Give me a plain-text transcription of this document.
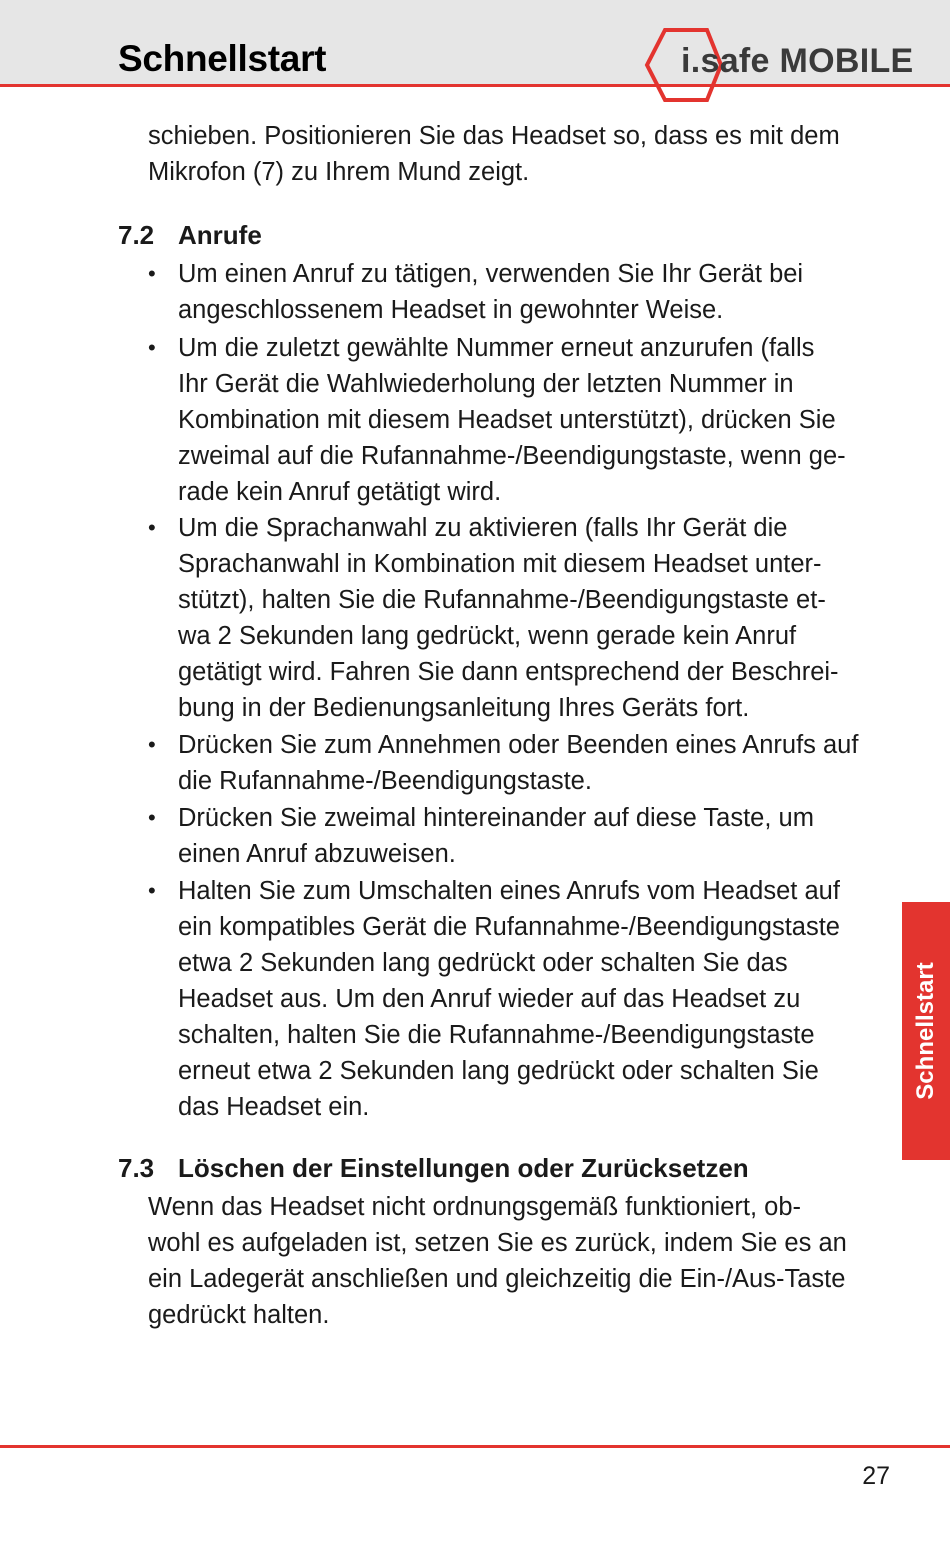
Schnellstart	i.safe MOBILE
schieben. Positionieren Sie das Headset so, dass es mit dem
Mikrofon (7) zu Ihrem Mund zeigt.
7.2 Anrufe
• Um einen Anruf zu tätigen, verwenden Sie Ihr Gerät bei
angeschlossenem Headset in gewohnter Weise.
• Um die zuletzt gewählte Nummer erneut anzurufen (falls
Ihr Gerät die Wahlwiederholung der letzten Nummer in
Kombination mit diesem Headset unterstützt), drücken Sie
zweimal auf die Rufannahme-/Beendigungstaste, wenn ge-
rade kein Anruf getätigt wird.
• Um die Sprachanwahl zu aktivieren (falls Ihr Gerät die
Sprachanwahl in Kombination mit diesem Headset unter-
stützt), halten Sie die Rufannahme-/Beendigungstaste et-
wa 2 Sekunden lang gedrückt, wenn gerade kein Anruf
getätigt wird. Fahren Sie dann entsprechend der Beschrei-
bung in der Bedienungsanleitung Ihres Geräts fort.
• Drücken Sie zum Annehmen oder Beenden eines Anrufs auf
die Rufannahme-/Beendigungstaste.
• Drücken Sie zweimal hintereinander auf diese Taste, um
einen Anruf abzuweisen.
• Halten Sie zum Umschalten eines Anrufs vom Headset auf
ein kompatibles Gerät die Rufannahme-/Beendigungstaste
etwa 2 Sekunden lang gedrückt oder schalten Sie das
Headset aus. Um den Anruf wieder auf das Headset zu
schalten, halten Sie die Rufannahme-/Beendigungstaste
erneut etwa 2 Sekunden lang gedrückt oder schalten Sie
das Headset ein.
7.3 Löschen der Einstellungen oder Zurücksetzen
Wenn das Headset nicht ordnungsgemäß funktioniert, ob-
wohl es aufgeladen ist, setzen Sie es zurück, indem Sie es an
ein Ladegerät anschließen und gleichzeitig die Ein-/Aus-Taste
gedrückt halten.
Schnellstart
27
